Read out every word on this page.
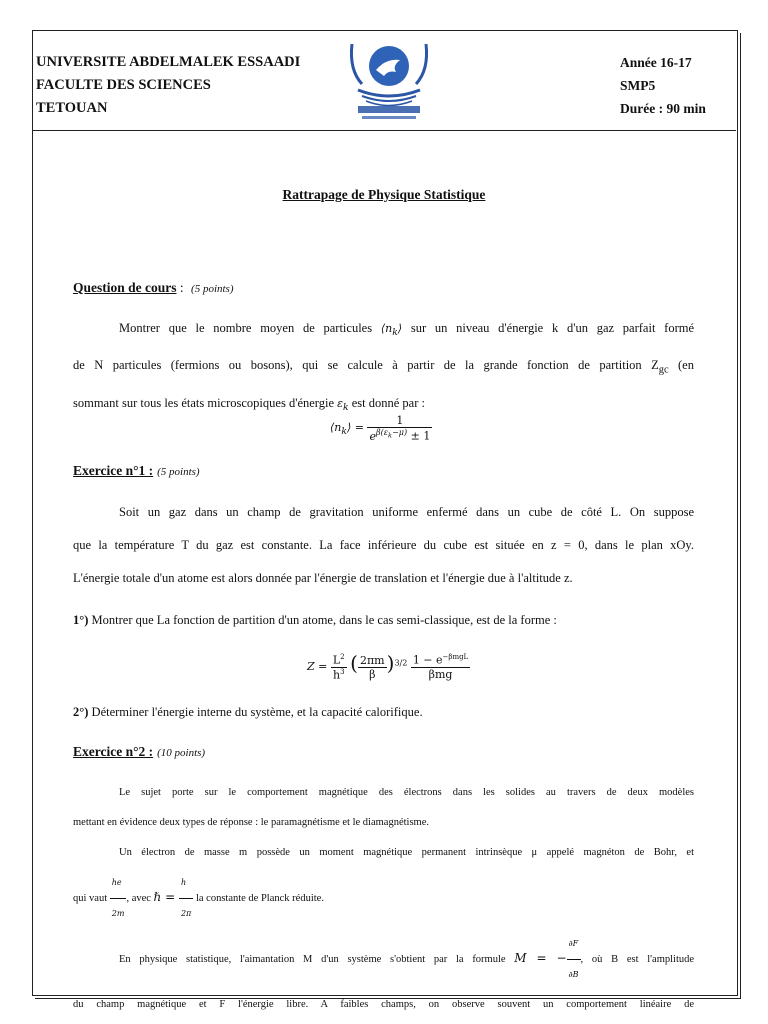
UNIVERSITE ABDELMALEK ESSAADI
FACULTE DES SCIENCES
TETOUAN
Année 16-17
SMP5
Durée : 90 min
Rattrapage de Physique Statistique
Question de cours : (5 points)
Montrer que le nombre moyen de particules $⟨n_k⟩$ sur un niveau d'énergie k d'un gaz parfait formé
de N particules (fermions ou bosons), qui se calcule à partir de la grande fonction de partition $Z_{gc}$ (en
sommant sur tous les états microscopiques d'énergie $\varepsilon_k$ est donné par :
$⟨n_k⟩ = \frac{1}{e^{\beta(\varepsilon_k-\mu)} \pm 1}$
Exercice n°1 : (5 points)
Soit un gaz dans un champ de gravitation uniforme enfermé dans un cube de côté L. On suppose
que la température T du gaz est constante. La face inférieure du cube est située en z = 0, dans le plan xOy.
L'énergie totale d'un atome est alors donnée par l'énergie de translation et l'énergie due à l'altitude z.
1°) Montrer que La fonction de partition d'un atome, dans le cas semi-classique, est de la forme :
$Z = \frac{L^2}{h^3}$ ( $\frac{2\pi m}{\beta} )^{3/2} \frac{1 - e^{-\beta mgL}}{\text{βmg}}$
2°) Déterminer l'énergie interne du système, et la capacité calorifique.
Exercice n°2 : (10 points)
Le sujet porte sur le comportement magnétique des électrons dans les solides au travers de deux modèles
mettant en évidence deux types de réponse : le paramagnétisme et le diamagnétisme.
Un électron de masse m possède un moment magnétique permanent intrinsèque μ appelé magnéton de Bohr, et
qui vaut $\frac{he}{2m}$ , avec ℏ = $\frac{h}{2\pi}$ la constante de Planck réduite.
En physique statistique, l'aimantation M d'un système s'obtient par la formule M = − $\frac{\partial F}{\partial B}$ , où B est l'amplitude
du champ magnétique et F l'énergie libre. A faibles champs, on observe souvent un comportement linéaire de
